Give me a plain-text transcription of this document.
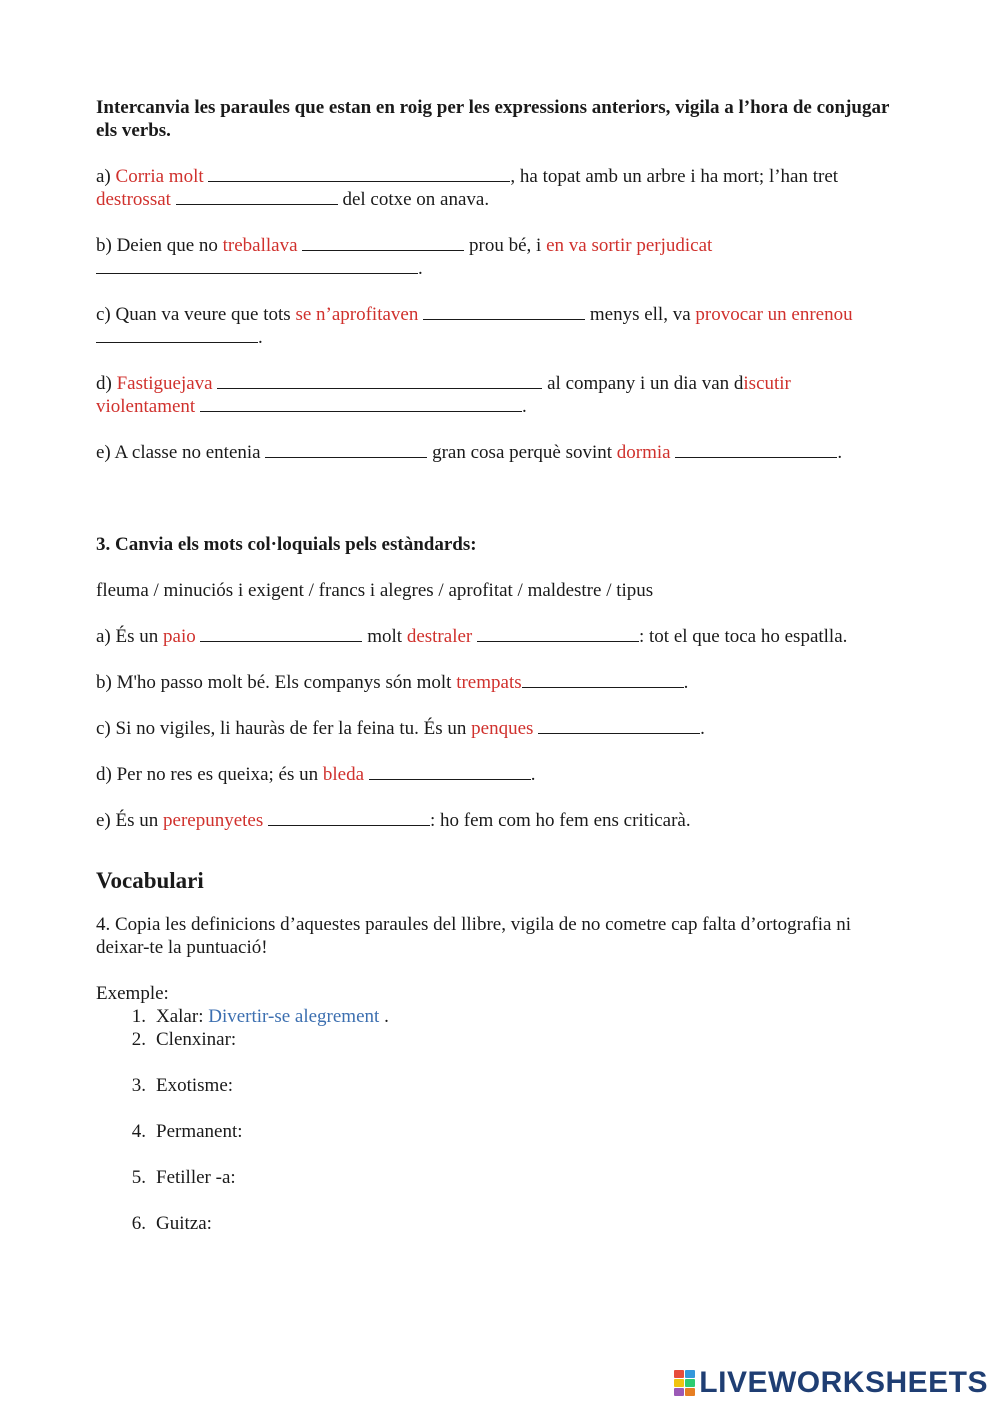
Intercanvia les paraules que estan en roig per les expressions anteriors, vigila a l’hora de conjugar els verbs.

a) Corria molt	, ha topat amb un arbre i ha mort; l’han tret destrossat	del cotxe on anava.

b) Deien que no treballava	prou bé, i en va sortir perjudicat
.

c) Quan va veure que tots se n’aprofitaven	menys ell, va provocar un enrenou
.

d) Fastiguejava	al company i un dia van discutir
violentament	.

e) A classe no entenia	gran cosa perquè sovint dormia	.

3. Canvia els mots col·loquials pels estàndards:

fleuma / minuciós i exigent / francs i alegres / aprofitat / maldestre / tipus

a) És un paio	molt destraler	: tot el que toca ho espatlla.

b) M'ho passo molt bé. Els companys són molt trempats	.

c) Si no vigiles, li hauràs de fer la feina tu. És un penques	.

d) Per no res es queixa; és un bleda	.

e) És un perepunyetes	: ho fem com ho fem ens criticarà.

Vocabulari

4. Copia les definicions d’aquestes paraules del llibre, vigila de no cometre cap falta d’ortografia ni deixar-te la puntuació!

Exemple:
1. Xalar: Divertir-se alegrement .
2. Clenxinar:
3. Exotisme:
4. Permanent:
5. Fetiller -a:
6. Guitza:
LIVEWORKSHEETS
